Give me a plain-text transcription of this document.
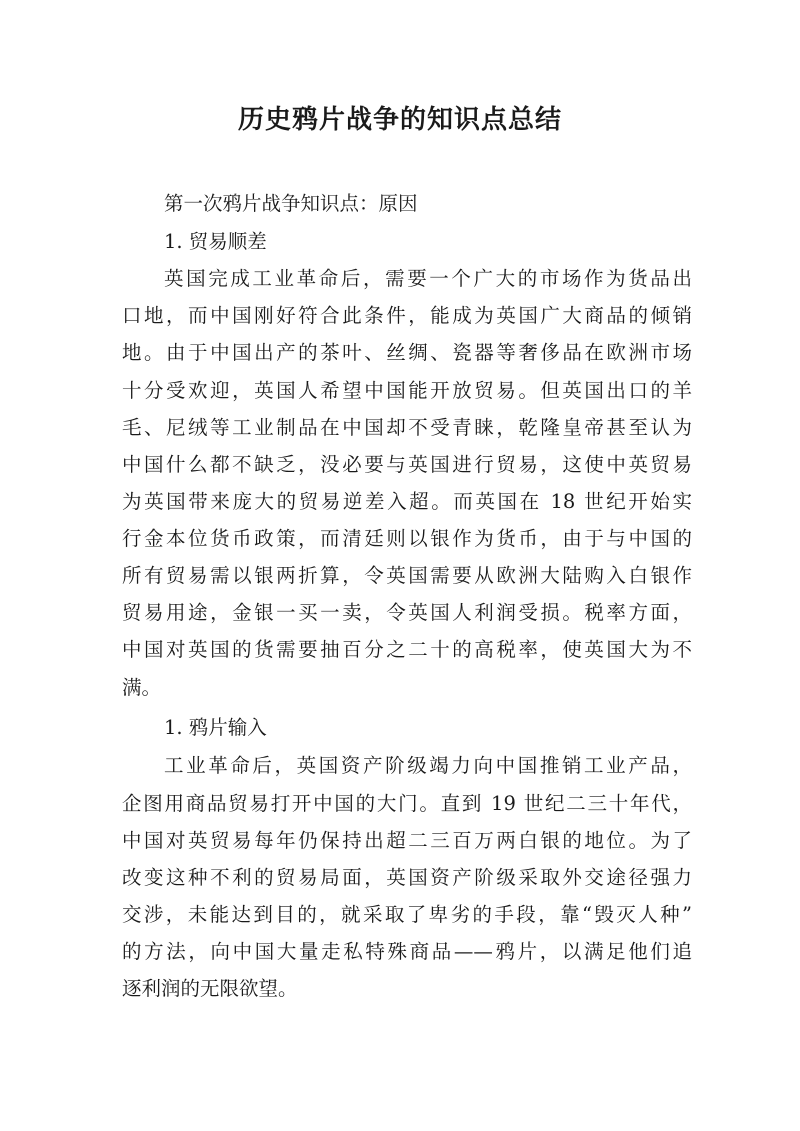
历史鸦片战争的知识点总结

第一次鸦片战争知识点：原因

1. 贸易顺差

英国完成工业革命后，需要一个广大的市场作为货品出

口地，而中国刚好符合此条件，能成为英国广大商品的倾销

地。由于中国出产的茶叶、丝绸、瓷器等奢侈品在欧洲市场

十分受欢迎，英国人希望中国能开放贸易。但英国出口的羊

毛、尼绒等工业制品在中国却不受青睐，乾隆皇帝甚至认为

中国什么都不缺乏，没必要与英国进行贸易，这使中英贸易

为英国带来庞大的贸易逆差入超。而英国在 18 世纪开始实

行金本位货币政策，而清廷则以银作为货币，由于与中国的

所有贸易需以银两折算，令英国需要从欧洲大陆购入白银作

贸易用途，金银一买一卖，令英国人利润受损。税率方面，

中国对英国的货需要抽百分之二十的高税率，使英国大为不

满。

1. 鸦片输入

工业革命后，英国资产阶级竭力向中国推销工业产品，

企图用商品贸易打开中国的大门。直到 19 世纪二三十年代，

中国对英贸易每年仍保持出超二三百万两白银的地位。为了

改变这种不利的贸易局面，英国资产阶级采取外交途径强力

交涉，未能达到目的，就采取了卑劣的手段，靠“毁灭人种”

的方法，向中国大量走私特殊商品——鸦片，以满足他们追

逐利润的无限欲望。
